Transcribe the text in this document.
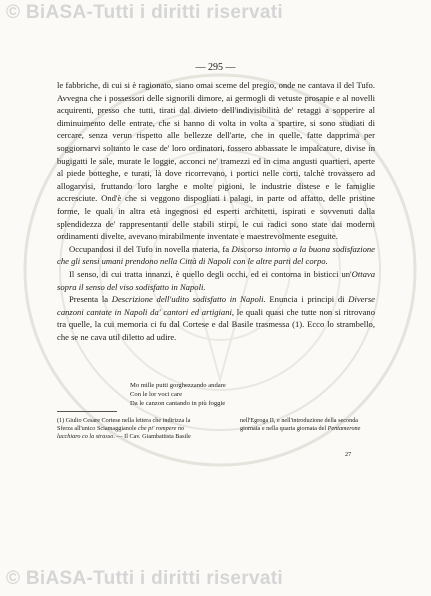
© BiASA-Tutti i diritti riservati
— 295 —

le fabbriche, di cui si è ragionato, siano omai sceme del pregio, onde ne cantava il del Tufo. Avvegna che i possessori delle signorili dimore, ai germogli di vetuste prosapie e al novelli acquirenti, presso che tutti, tirati dal divieto dell'indivisibilità de' retaggi a sopperire al diminuimento delle entrate, che si hanno di volta in volta a spartire, si sono studiati di cercare, senza verun rispetto alle bellezze dell'arte, che in quelle, fatte dapprima per soggiornarvi soltanto le case de' loro ordinatori, fossero abbassate le impalcature, divise in bugigatti le sale, murate le loggie, acconci ne' tramezzi ed in cima angusti quartieri, aperte al piede botteghe, e turati, là dove ricorrevano, i portici nelle corti, talchè trovassero ad allogarvisi, fruttando loro larghe e molte pigioni, le industrie distese e le famiglie accresciute. Ond'è che si veggono dispogliati i palagi, in parte od affatto, delle pristine forme, le quali in altra età ingegnosi ed esperti architetti, ispirati e sovvenuti dalla splendidezza de' rappresentanti delle stabili stirpi, le cui radici sono state dai moderni ordinamenti divelte, avevano mirabilmente inventate e maestrevolmente eseguite.

Occupandosi il del Tufo in novella materia, fa Discorso intorno a la buona sodisfazione che gli sensi umani prendono nella Città di Napoli con le altre parti del corpo.

Il senso, di cui tratta innanzi, è quello degli occhi, ed ei contorna in bisticci un'Ottava sopra il senso del viso sodisfatto in Napoli.

Presenta la Descrizione dell'udito sodisfatto in Napoli. Enuncia i principi di Diverse canzoni cantate in Napoli da' cantori ed artigiani, le quali quasi che tutte non si ritrovano tra quelle, la cui memoria ci fu dal Cortese e dal Basile trasmessa (1). Ecco lo strambello, che se ne cava util diletto ad udire.

Mo mille putti gorghezzando andare
Con le lor voci care
Da le canzon cantando in più foggie
(1) Giulio Cesare Cortese nella lettera che indirizza la Sferza all'unico Sciamaggianole che pi' rompere no lacchiaro co la strasso. — Il Cav. Giambattista Basile
nell'Egroga II, e nell'introduzione della seconda giornata e nella quarta giornata del Pentamerone
27
© BiASA-Tutti i diritti riservati
